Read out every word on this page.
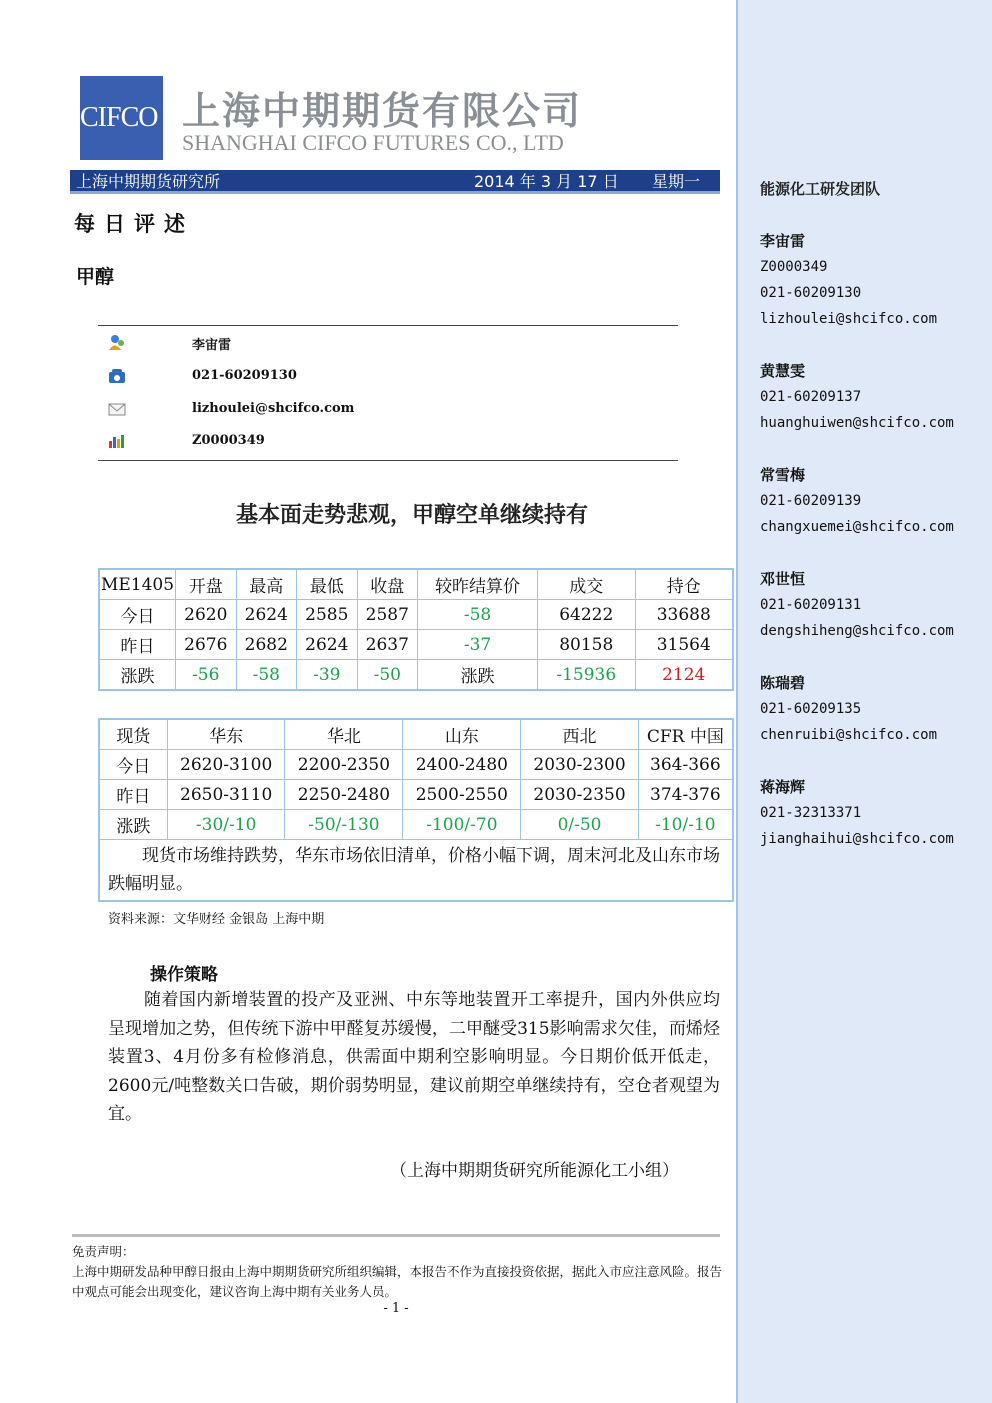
能源化工研发团队
李宙雷
Z0000349
021-60209130
lizhoulei@shcifco.com
黄慧雯
021-60209137
huanghuiwen@shcifco.com
常雪梅
021-60209139
changxuemei@shcifco.com
邓世恒
021-60209131
dengshiheng@shcifco.com
陈瑞碧
021-60209135
chenruibi@shcifco.com
蒋海辉
021-32313371
jianghaihui@shcifco.com
CIFCO 上海中期期货有限公司
SHANGHAI CIFCO FUTURES CO., LTD
上海中期期货研究所	2014 年 3 月 17 日 星期一
每日评述
甲醇
李宙雷
021-60209130
lizhoulei@shcifco.com
Z0000349
基本面走势悲观，甲醇空单继续持有
ME1405	开盘	最高	最低	收盘	较昨结算价	成交	持仓
今日	2620	2624	2585	2587	-58	64222	33688
昨日	2676	2682	2624	2637	-37	80158	31564
涨跌	-56	-58	-39	-50	涨跌	-15936	2124
现货	华东	华北	山东	西北	CFR 中国
今日	2620-3100	2200-2350	2400-2480	2030-2300	364-366
昨日	2650-3110	2250-2480	2500-2550	2030-2350	374-376
涨跌	-30/-10	-50/-130	-100/-70	0/-50	-10/-10
现货市场维持跌势，华东市场依旧清单，价格小幅下调，周末河北及山东市场跌幅明显。					
资料来源：文华财经 金银岛 上海中期
操作策略
随着国内新增装置的投产及亚洲、中东等地装置开工率提升，国内外供应均呈现增加之势，但传统下游中甲醛复苏缓慢，二甲醚受315影响需求欠佳，而烯烃装置3、4月份多有检修消息，供需面中期利空影响明显。今日期价低开低走，2600元/吨整数关口告破，期价弱势明显，建议前期空单继续持有，空仓者观望为宜。
（上海中期期货研究所能源化工小组）
免责声明：
上海中期研发品种甲醇日报由上海中期期货研究所组织编辑，本报告不作为直接投资依据，据此入市应注意风险。报告中观点可能会出现变化，建议咨询上海中期有关业务人员。
- 1 -
